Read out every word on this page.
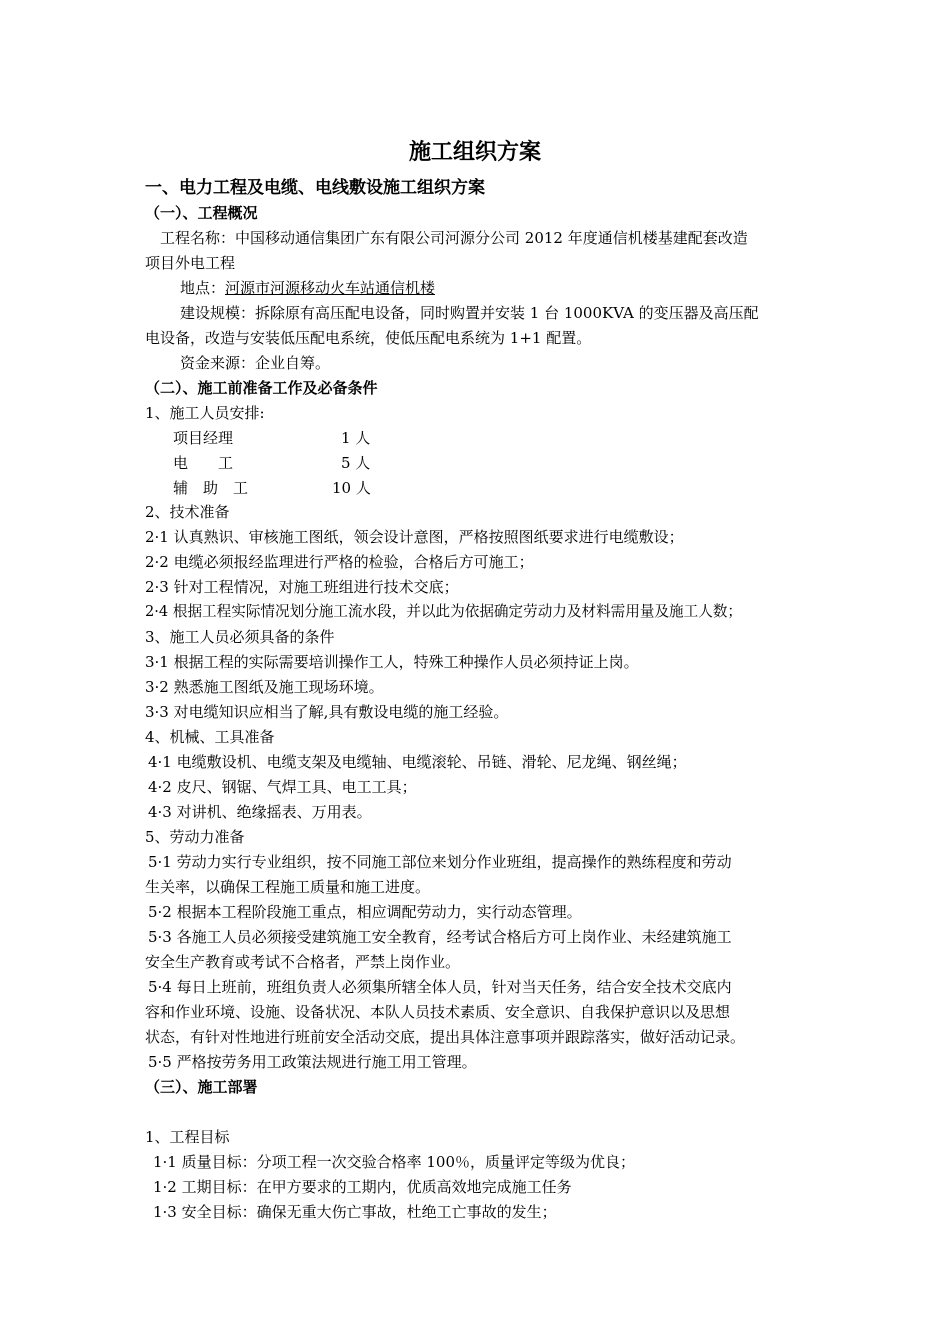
施工组织方案
一、电力工程及电缆、电线敷设施工组织方案
（一）、工程概况
工程名称：中国移动通信集团广东有限公司河源分公司 2012 年度通信机楼基建配套改造
项目外电工程
地点：河源市河源移动火车站通信机楼
建设规模：拆除原有高压配电设备，同时购置并安装 1 台 1000KVA 的变压器及高压配
电设备，改造与安装低压配电系统，使低压配电系统为 1+1 配置。
资金来源：企业自筹。
（二）、施工前准备工作及必备条件
1、施工人员安排:
项目经理	1 人
电　　工	5 人
辅　助　工	10 人
2、技术准备
2·1 认真熟识、审核施工图纸，领会设计意图，严格按照图纸要求进行电缆敷设；
2·2 电缆必须报经监理进行严格的检验，合格后方可施工；
2·3 针对工程情况，对施工班组进行技术交底；
2·4 根据工程实际情况划分施工流水段，并以此为依据确定劳动力及材料需用量及施工人数；
3、施工人员必须具备的条件
3·1 根据工程的实际需要培训操作工人，特殊工种操作人员必须持证上岗。
3·2 熟悉施工图纸及施工现场环境。
3·3 对电缆知识应相当了解,具有敷设电缆的施工经验。
4、机械、工具准备
4·1 电缆敷设机、电缆支架及电缆轴、电缆滚轮、吊链、滑轮、尼龙绳、钢丝绳；
4·2 皮尺、钢锯、气焊工具、电工工具；
4·3 对讲机、绝缘摇表、万用表。
5、劳动力准备
5·1 劳动力实行专业组织，按不同施工部位来划分作业班组，提高操作的熟练程度和劳动
生关率，以确保工程施工质量和施工进度。
5·2 根据本工程阶段施工重点，相应调配劳动力，实行动态管理。
5·3 各施工人员必须接受建筑施工安全教育，经考试合格后方可上岗作业、未经建筑施工
安全生产教育或考试不合格者，严禁上岗作业。
5·4 每日上班前，班组负责人必须集所辖全体人员，针对当天任务，结合安全技术交底内
容和作业环境、设施、设备状况、本队人员技术素质、安全意识、自我保护意识以及思想
状态，有针对性地进行班前安全活动交底，提出具体注意事项并跟踪落实，做好活动记录。
5·5 严格按劳务用工政策法规进行施工用工管理。
（三）、施工部署
1、工程目标
1·1 质量目标：分项工程一次交验合格率 100％，质量评定等级为优良；
1·2 工期目标：在甲方要求的工期内，优质高效地完成施工任务
1·3 安全目标：确保无重大伤亡事故，杜绝工亡事故的发生；
